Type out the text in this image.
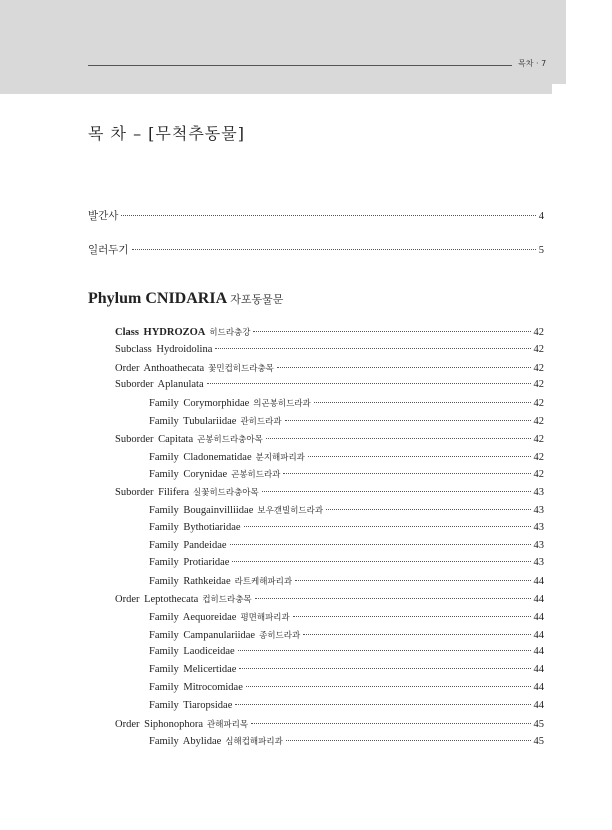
목차 · 7
목 차 – [무척추동물]
발간사	4
일러두기	5
Phylum CNIDARIA 자포동물문
Class HYDROZOA 히드라충강	42
Subclass Hydroidolina	42
Order Anthoathecata 꽃민컵히드라충목	42
Suborder Aplanulata	42
Family Corymorphidae 의곤봉히드라과	42
Family Tubulariidae 관히드라과	42
Suborder Capitata 곤봉히드라충아목	42
Family Cladonematidae 분지해파리과	42
Family Corynidae 곤봉히드라과	42
Suborder Filifera 실꽃히드라충아목	43
Family Bougainvilliidae 보우갠빌히드라과	43
Family Bythotiaridae	43
Family Pandeidae	43
Family Protiaridae	43
Family Rathkeidae 라트케해파리과	44
Order Leptothecata 컵히드라충목	44
Family Aequoreidae 평면해파리과	44
Family Campanulariidae 종히드라과	44
Family Laodiceidae	44
Family Melicertidae	44
Family Mitrocomidae	44
Family Tiaropsidae	44
Order Siphonophora 관해파리목	45
Family Abylidae 심해컵해파리과	45
